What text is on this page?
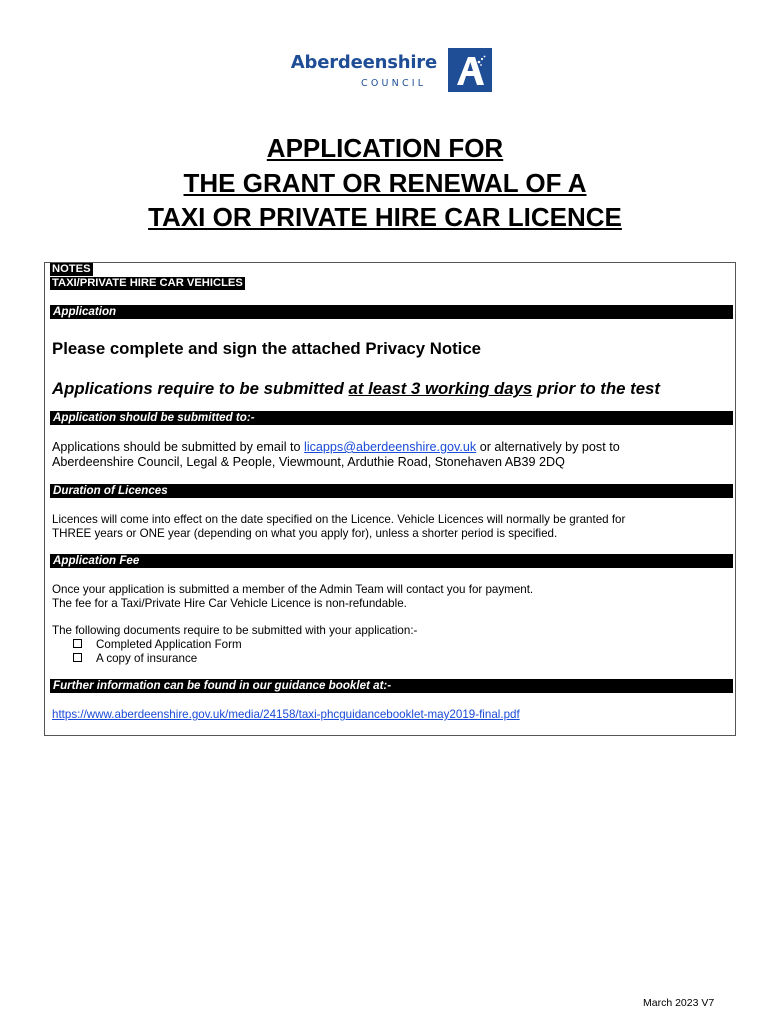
Aberdeenshire
COUNCIL
APPLICATION FOR
THE GRANT OR RENEWAL OF A
TAXI OR PRIVATE HIRE CAR LICENCE
NOTES
TAXI/PRIVATE HIRE CAR VEHICLES
Application
Please complete and sign the attached Privacy Notice
Applications require to be submitted at least 3 working days prior to the test
Application should be submitted to:-
Applications should be submitted by email to licapps@aberdeenshire.gov.uk or alternatively by post to
Aberdeenshire Council, Legal & People, Viewmount, Arduthie Road, Stonehaven AB39 2DQ
Duration of Licences
Licences will come into effect on the date specified on the Licence. Vehicle Licences will normally be granted for
THREE years or ONE year (depending on what you apply for), unless a shorter period is specified.
Application Fee
Once your application is submitted a member of the Admin Team will contact you for payment.
The fee for a Taxi/Private Hire Car Vehicle Licence is non-refundable.
The following documents require to be submitted with your application:-
Completed Application Form
A copy of insurance
Further information can be found in our guidance booklet at:-
https://www.aberdeenshire.gov.uk/media/24158/taxi-phcguidancebooklet-may2019-final.pdf
March 2023 V7
